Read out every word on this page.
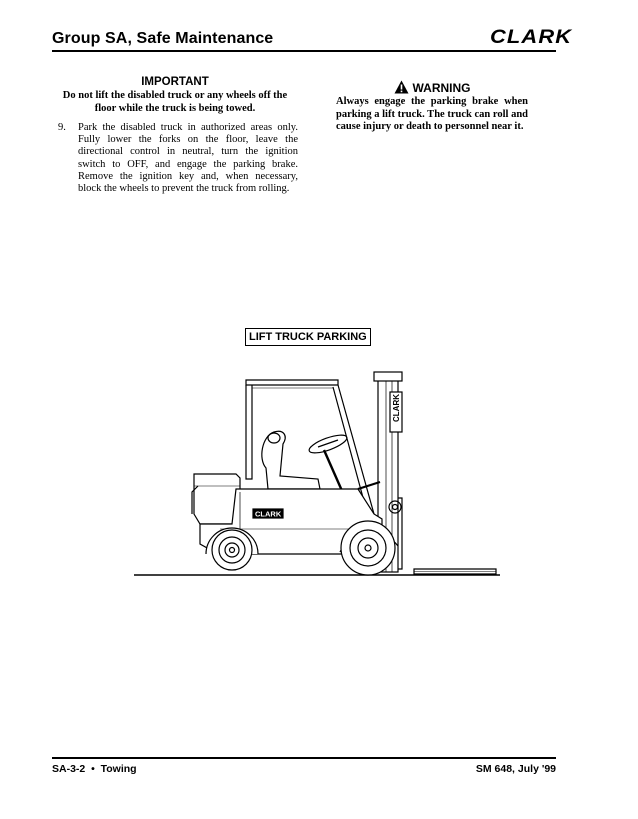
Group SA, Safe Maintenance	CLARK
IMPORTANT
Do not lift the disabled truck or any wheels off the floor while the truck is being towed.
9. Park the disabled truck in authorized areas only. Fully lower the forks on the floor, leave the directional control in neutral, turn the ignition switch to OFF, and engage the parking brake. Remove the ignition key and, when necessary, block the wheels to prevent the truck from rolling.
WARNING
Always engage the parking brake when parking a lift truck. The truck can roll and cause injury or death to personnel near it.
LIFT TRUCK PARKING
CLARK
CLARK
SA-3-2  •  Towing	SM 648, July '99
